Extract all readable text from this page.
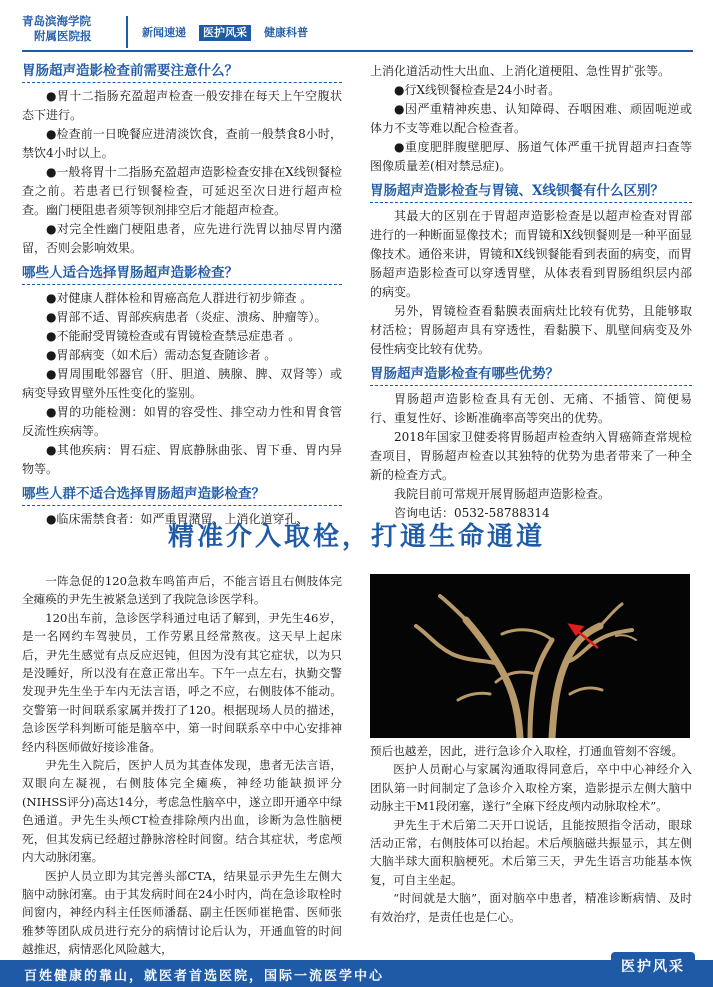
青岛滨海学院
附属医院报	新闻速递	医护风采	健康科普
胃肠超声造影检查前需要注意什么？

●胃十二指肠充盈超声检查一般安排在每天上午空腹状态下进行。

●检查前一日晚餐应进清淡饮食，查前一般禁食8小时，禁饮4小时以上。

●一般将胃十二指肠充盈超声造影检查安排在X线钡餐检查之前。若患者已行钡餐检查，可延迟至次日进行超声检查。幽门梗阻患者须等钡剂排空后才能超声检查。

●对完全性幽门梗阻患者，应先进行洗胃以抽尽胃内潴留，否则会影响效果。

哪些人适合选择胃肠超声造影检查？

●对健康人群体检和胃癌高危人群进行初步筛查 。

●胃部不适、胃部疾病患者（炎症、溃疡、肿瘤等）。

●不能耐受胃镜检查或有胃镜检查禁忌症患者 。

●胃部病变（如术后）需动态复查随诊者 。

●胃周围毗邻器官（肝、胆道、胰腺、脾、双肾等）或病变导致胃壁外压性变化的鉴别。

●胃的功能检测：如胃的容受性、排空动力性和胃食管反流性疾病等。

●其他疾病：胃石症、胃底静脉曲张、胃下垂、胃内异物等。

哪些人群不适合选择胃肠超声造影检查？

●临床需禁食者：如严重胃潴留、上消化道穿孔、

上消化道活动性大出血、上消化道梗阻、急性胃扩张等。

●行X线钡餐检查是24小时者。

●因严重精神疾患、认知障碍、吞咽困难、顽固呃逆或体力不支等难以配合检查者。

●重度肥胖腹壁肥厚、肠道气体严重干扰胃超声扫查等图像质量差(相对禁忌症)。

胃肠超声造影检查与胃镜、X线钡餐有什么区别？

其最大的区别在于胃超声造影检查是以超声检查对胃部进行的一种断面显像技术；而胃镜和X线钡餐则是一种平面显像技术。通俗来讲，胃镜和X线钡餐能看到表面的病变，而胃肠超声造影检查可以穿透胃壁，从体表看到胃肠组织层内部的病变。

另外，胃镜检查看黏膜表面病灶比较有优势，且能够取材活检；胃肠超声具有穿透性，看黏膜下、肌壁间病变及外侵性病变比较有优势。

胃肠超声造影检查有哪些优势？

胃肠超声造影检查具有无创、无痛、不插管、简便易行、重复性好、诊断准确率高等突出的优势。

2018年国家卫健委将胃肠超声检查纳入胃癌筛查常规检查项目，胃肠超声检查以其独特的优势为患者带来了一种全新的检查方式。

我院目前可常规开展胃肠超声造影检查。

咨询电话：0532-58788314

精准介入取栓，打通生命通道

一阵急促的120急救车鸣笛声后，不能言语且右侧肢体完全瘫痪的尹先生被紧急送到了我院急诊医学科。

120出车前，急诊医学科通过电话了解到，尹先生46岁，是一名网约车驾驶员，工作劳累且经常熬夜。这天早上起床后，尹先生感觉有点反应迟钝，但因为没有其它症状，以为只是没睡好，所以没有在意正常出车。下午一点左右，执勤交警发现尹先生坐于车内无法言语，呼之不应，右侧肢体不能动。交警第一时间联系家属并拨打了120。根据现场人员的描述，急诊医学科判断可能是脑卒中，第一时间联系卒中中心安排神经内科医师做好接诊准备。

尹先生入院后，医护人员为其查体发现，患者无法言语，双眼向左凝视，右侧肢体完全瘫痪，神经功能缺损评分(NIHSS评分)高达14分，考虑急性脑卒中，遂立即开通卒中绿色通道。尹先生头颅CT检查排除颅内出血，诊断为急性脑梗死，但其发病已经超过静脉溶栓时间窗。结合其症状，考虑颅内大动脉闭塞。

医护人员立即为其完善头部CTA，结果显示尹先生左侧大脑中动脉闭塞。由于其发病时间在24小时内，尚在急诊取栓时间窗内，神经内科主任医师潘磊、副主任医师崔艳雷、医师张雅梦等团队成员进行充分的病情讨论后认为，开通血管的时间越推迟，病情恶化风险越大，

预后也越差，因此，进行急诊介入取栓，打通血管刻不容缓。

医护人员耐心与家属沟通取得同意后，卒中中心神经介入团队第一时间制定了急诊介入取栓方案，造影提示左侧大脑中动脉主干M1段闭塞，遂行“全麻下经皮颅内动脉取栓术”。

尹先生于术后第二天开口说话，且能按照指令活动，眼球活动正常，右侧肢体可以抬起。术后颅脑磁共振显示，其左侧大脑半球大面积脑梗死。术后第三天，尹先生语言功能基本恢复，可自主坐起。

“时间就是大脑”，面对脑卒中患者，精准诊断病情、及时有效治疗，是责任也是仁心。

百姓健康的靠山，就医者首选医院，国际一流医学中心
医护风采
